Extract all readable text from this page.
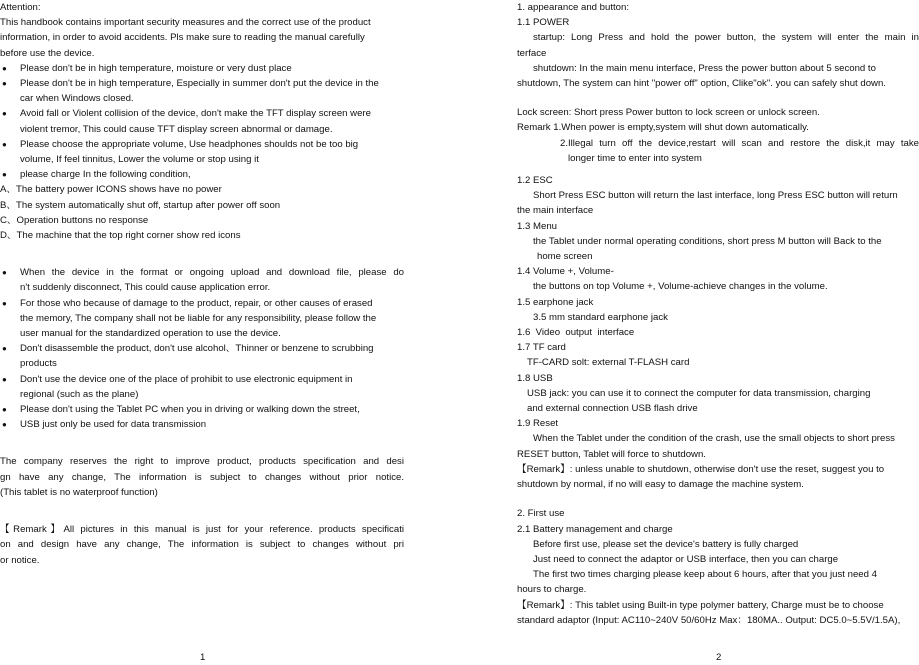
Attention:
This handbook contains important security measures and the correct use of the product
information, in order to avoid accidents. Pls make sure to reading the manual carefully
before use the device.
● Please don't be in high temperature, moisture or very dust place
● Please don't be in high temperature, Especially in summer don't put the device in the
car when Windows closed.
● Avoid fall or Violent collision of the device, don't make the TFT display screen were
violent tremor, This could cause TFT display screen abnormal or damage.
● Please choose the appropriate volume, Use headphones shoulds not be too big
volume, If feel tinnitus, Lower the volume or stop using it
● please charge In the following condition,
A、The battery power ICONS shows have no power
B、The system automatically shut off, startup after power off soon
C、Operation buttons no response
D、The machine that the top right corner show red icons
● When the device in the format or ongoing upload and download file, please do
n't suddenly disconnect, This could cause application error.
● For those who because of damage to the product, repair, or other causes of erased
the memory, The company shall not be liable for any responsibility, please follow the
user manual for the standardized operation to use the device.
● Don't disassemble the product, don't use alcohol、Thinner or benzene to scrubbing
products
● Don't use the device one of the place of prohibit to use electronic equipment in
regional (such as the plane)
● Please don't using the Tablet PC when you in driving or walking down the street,
● USB just only be used for data transmission
The company reserves the right to improve product, products specification and desi
gn have any change, The information is subject to changes without prior notice.
(This tablet is no waterproof function)
【Remark】All pictures in this manual is just for your reference. products specificati
on and design have any change, The information is subject to changes without pri
or notice.
1
1. appearance and button:
1.1 POWER
startup: Long Press and hold the power button, the system will enter the main in
terface
shutdown: In the main menu interface, Press the power button about 5 second to
shutdown, The system can hint "power off" option, Clike"ok". you can safely shut down.
Lock screen: Short press Power button to lock screen or unlock screen.
Remark 1.When power is empty,system will shut down automatically.
2.Illegal turn off the device,restart will scan and restore the disk,it may take
longer time to enter into system
1.2 ESC
Short Press ESC button will return the last interface, long Press ESC button will return
the main interface
1.3 Menu
the Tablet under normal operating conditions, short press M button will Back to the
home screen
1.4 Volume +, Volume-
the buttons on top Volume +, Volume-achieve changes in the volume.
1.5 earphone jack
3.5 mm standard earphone jack
1.6  Video  output  interface
1.7 TF card
TF-CARD solt: external T-FLASH card
1.8 USB
USB jack: you can use it to connect the computer for data transmission, charging
and external connection USB flash drive
1.9 Reset
When the Tablet under the condition of the crash, use the small objects to short press
RESET button, Tablet will force to shutdown.
【Remark】: unless unable to shutdown, otherwise don't use the reset, suggest you to
shutdown by normal, if no will easy to damage the machine system.
2. First use
2.1 Battery management and charge
Before first use, please set the device's battery is fully charged
Just need to connect the adaptor or USB interface, then you can charge
The first two times charging please keep about 6 hours, after that you just need 4
hours to charge.
【Remark】: This tablet using Built-in type polymer battery, Charge must be to choose
standard adaptor (Input: AC110~240V 50/60Hz Max：180MA.. Output: DC5.0~5.5V/1.5A),
2
